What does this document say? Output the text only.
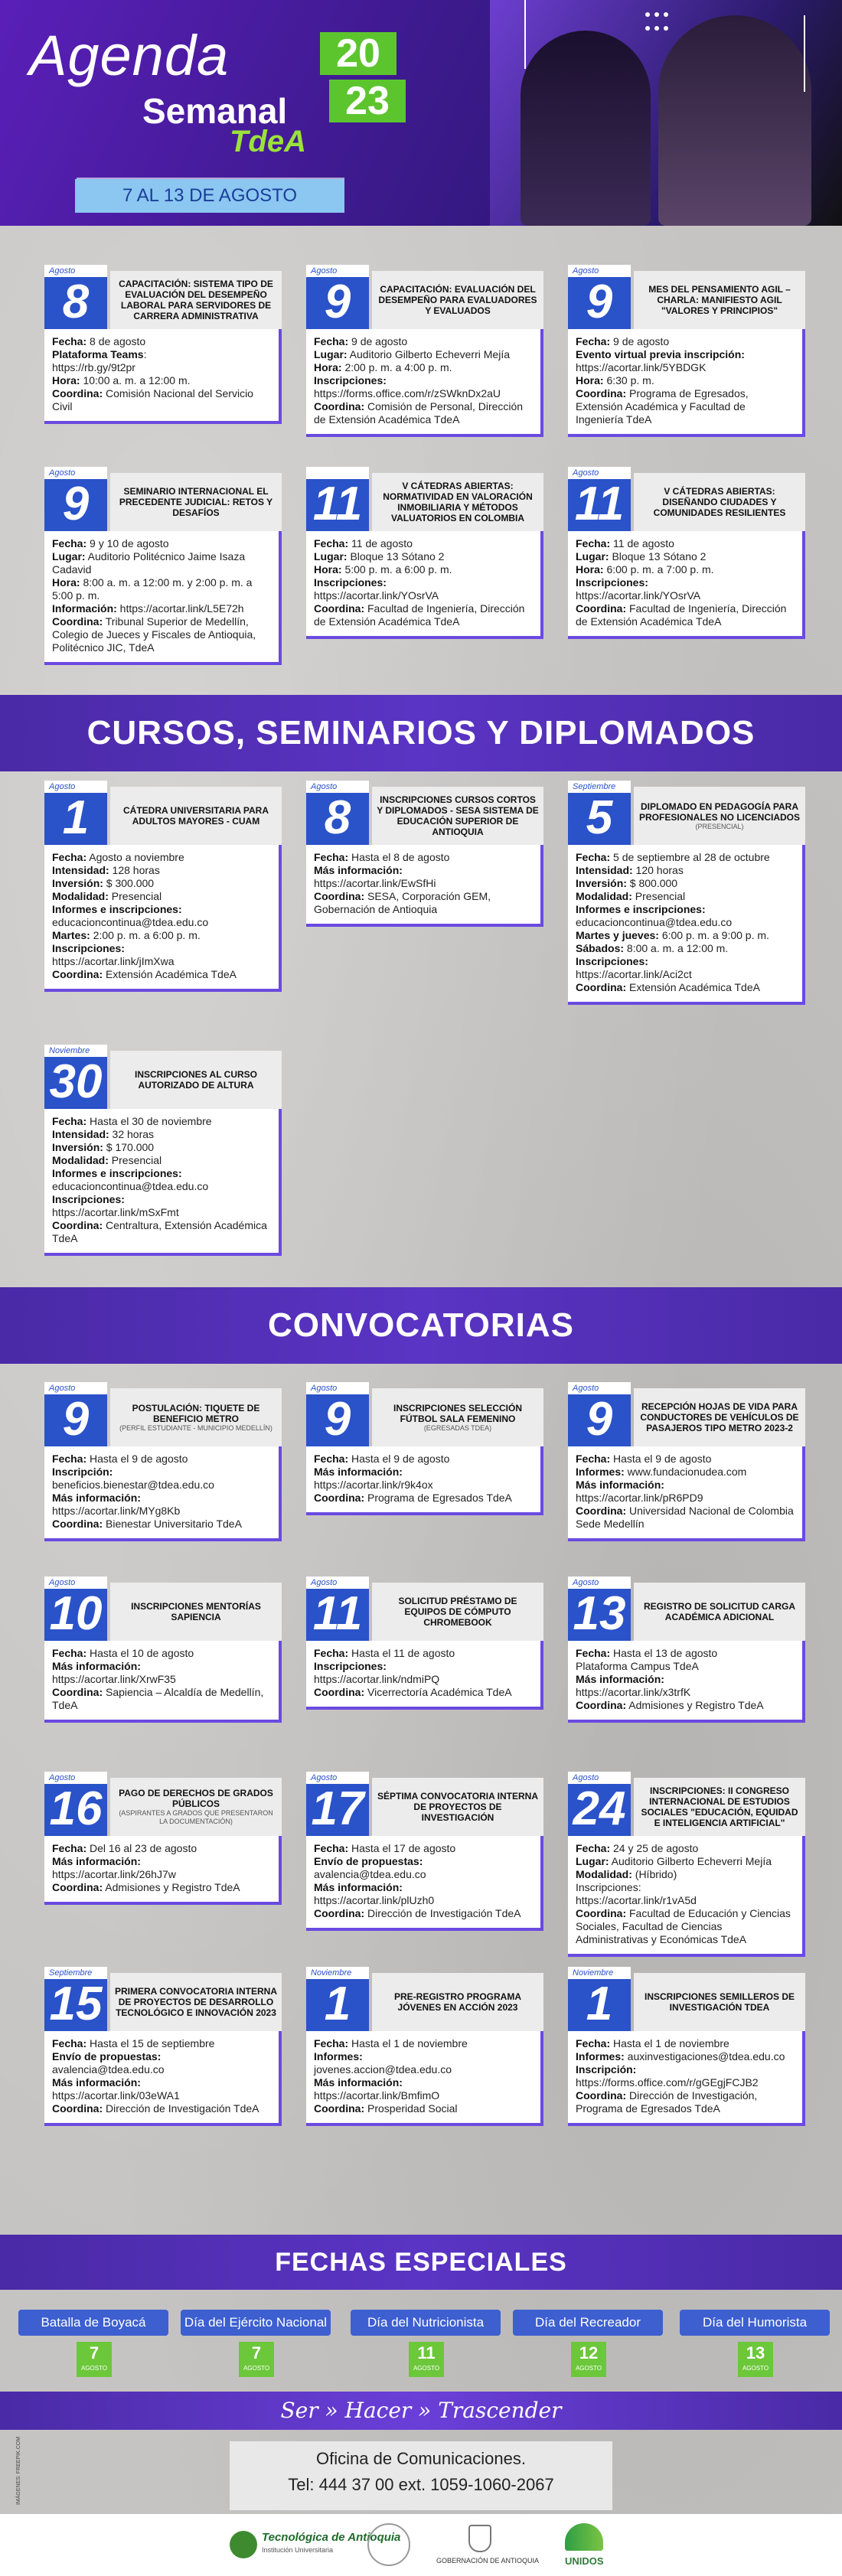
Agenda
Semanal
TdeA
20
23
7 AL 13 DE AGOSTO
Agosto
8	CAPACITACIÓN: SISTEMA TIPO DE EVALUACIÓN DEL DESEMPEÑO LABORAL PARA SERVIDORES DE CARRERA ADMINISTRATIVA
Fecha: 8 de agosto
Plataforma Teams:
https://rb.gy/9t2pr
Hora: 10:00 a. m. a 12:00 m.
Coordina: Comisión Nacional del Servicio Civil
Agosto
9	CAPACITACIÓN: EVALUACIÓN DEL DESEMPEÑO PARA EVALUADORES Y EVALUADOS
Fecha: 9 de agosto
Lugar: Auditorio Gilberto Echeverri Mejía
Hora: 2:00 p. m. a 4:00 p. m.
Inscripciones:
https://forms.office.com/r/zSWknDx2aU
Coordina: Comisión de Personal, Dirección de Extensión Académica TdeA
Agosto
9	MES DEL PENSAMIENTO AGIL – CHARLA: MANIFIESTO AGIL "VALORES Y PRINCIPIOS"
Fecha: 9 de agosto
Evento virtual previa inscripción:
https://acortar.link/5YBDGK
Hora: 6:30 p. m.
Coordina: Programa de Egresados, Extensión Académica y Facultad de Ingeniería TdeA
Agosto
9	SEMINARIO INTERNACIONAL EL PRECEDENTE JUDICIAL: RETOS Y DESAFÍOS
Fecha: 9 y 10 de agosto
Lugar: Auditorio Politécnico Jaime Isaza Cadavid
Hora: 8:00 a. m. a 12:00 m. y 2:00 p. m. a 5:00 p. m.
Información: https://acortar.link/L5E72h
Coordina: Tribunal Superior de Medellín, Colegio de Jueces y Fiscales de Antioquia, Politécnico JIC, TdeA
11	V CÁTEDRAS ABIERTAS: NORMATIVIDAD EN VALORACIÓN INMOBILIARIA Y MÉTODOS VALUATORIOS EN COLOMBIA
Fecha: 11 de agosto
Lugar: Bloque 13 Sótano 2
Hora: 5:00 p. m. a 6:00 p. m.
Inscripciones:
https://acortar.link/YOsrVA
Coordina: Facultad de Ingeniería, Dirección de Extensión Académica TdeA
Agosto
11	V CÁTEDRAS ABIERTAS: DISEÑANDO CIUDADES Y COMUNIDADES RESILIENTES
Fecha: 11 de agosto
Lugar: Bloque 13 Sótano 2
Hora: 6:00 p. m. a 7:00 p. m.
Inscripciones:
https://acortar.link/YOsrVA
Coordina: Facultad de Ingeniería, Dirección de Extensión Académica TdeA
CURSOS, SEMINARIOS Y DIPLOMADOS
Agosto
1	CÁTEDRA UNIVERSITARIA PARA ADULTOS MAYORES - CUAM
Fecha: Agosto a noviembre
Intensidad: 128 horas
Inversión: $ 300.000
Modalidad: Presencial
Informes e inscripciones:
educacioncontinua@tdea.edu.co
Martes: 2:00 p. m. a 6:00 p. m.
Inscripciones:
https://acortar.link/jImXwa
Coordina: Extensión Académica TdeA
Agosto
8	INSCRIPCIONES CURSOS CORTOS Y DIPLOMADOS - SESA SISTEMA DE EDUCACIÓN SUPERIOR DE ANTIOQUIA
Fecha: Hasta el 8 de agosto
Más información:
https://acortar.link/EwSfHi
Coordina: SESA, Corporación GEM, Gobernación de Antioquia
Septiembre
5	DIPLOMADO EN PEDAGOGÍA PARA PROFESIONALES NO LICENCIADOS
(PRESENCIAL)
Fecha: 5 de septiembre al 28 de octubre
Intensidad: 120 horas
Inversión: $ 800.000
Modalidad: Presencial
Informes e inscripciones:
educacioncontinua@tdea.edu.co
Martes y jueves: 6:00 p. m. a 9:00 p. m.
Sábados: 8:00 a. m. a 12:00 m.
Inscripciones:
https://acortar.link/Aci2ct
Coordina: Extensión Académica TdeA
Noviembre
30	INSCRIPCIONES AL CURSO AUTORIZADO DE ALTURA
Fecha: Hasta el 30 de noviembre
Intensidad: 32 horas
Inversión: $ 170.000
Modalidad: Presencial
Informes e inscripciones:
educacioncontinua@tdea.edu.co
Inscripciones:
https://acortar.link/mSxFmt
Coordina: Centraltura, Extensión Académica TdeA
CONVOCATORIAS
Agosto
9	POSTULACIÓN: TIQUETE DE BENEFICIO METRO
(PERFIL ESTUDIANTE - MUNICIPIO MEDELLÍN)
Fecha: Hasta el 9 de agosto
Inscripción:
beneficios.bienestar@tdea.edu.co
Más información:
https://acortar.link/MYg8Kb
Coordina: Bienestar Universitario TdeA
Agosto
9	INSCRIPCIONES SELECCIÓN FÚTBOL SALA FEMENINO
(EGRESADAS TDEA)
Fecha: Hasta el 9 de agosto
Más información:
https://acortar.link/r9k4ox
Coordina: Programa de Egresados TdeA
Agosto
9	RECEPCIÓN HOJAS DE VIDA PARA CONDUCTORES DE VEHÍCULOS DE PASAJEROS TIPO METRO 2023-2
Fecha: Hasta el 9 de agosto
Informes: www.fundacionudea.com
Más información:
https://acortar.link/pR6PD9
Coordina: Universidad Nacional de Colombia Sede Medellín
Agosto
10	INSCRIPCIONES MENTORÍAS SAPIENCIA
Fecha: Hasta el 10 de agosto
Más información:
https://acortar.link/XrwF35
Coordina: Sapiencia – Alcaldía de Medellín, TdeA
Agosto
11	SOLICITUD PRÉSTAMO DE EQUIPOS DE CÓMPUTO CHROMEBOOK
Fecha: Hasta el 11 de agosto
Inscripciones:
https://acortar.link/ndmiPQ
Coordina: Vicerrectoría Académica TdeA
Agosto
13	REGISTRO DE SOLICITUD CARGA ACADÉMICA ADICIONAL
Fecha: Hasta el 13 de agosto
Plataforma Campus TdeA
Más información:
https://acortar.link/x3trfK
Coordina: Admisiones y Registro TdeA
Agosto
16	PAGO DE DERECHOS DE GRADOS PÚBLICOS
(ASPIRANTES A GRADOS QUE PRESENTARON LA DOCUMENTACIÓN)
Fecha: Del 16 al 23 de agosto
Más información:
https://acortar.link/26hJ7w
Coordina: Admisiones y Registro TdeA
Agosto
17	SÉPTIMA CONVOCATORIA INTERNA DE PROYECTOS DE INVESTIGACIÓN
Fecha: Hasta el 17 de agosto
Envío de propuestas:
avalencia@tdea.edu.co
Más información:
https://acortar.link/plUzh0
Coordina: Dirección de Investigación TdeA
Agosto
24	INSCRIPCIONES: II CONGRESO INTERNACIONAL DE ESTUDIOS SOCIALES "EDUCACIÓN, EQUIDAD E INTELIGENCIA ARTIFICIAL"
Fecha: 24 y 25 de agosto
Lugar: Auditorio Gilberto Echeverri Mejía
Modalidad: (Híbrido)
Inscripciones:
https://acortar.link/r1vA5d
Coordina: Facultad de Educación y Ciencias Sociales, Facultad de Ciencias Administrativas y Económicas TdeA
Septiembre
15	PRIMERA CONVOCATORIA INTERNA DE PROYECTOS DE DESARROLLO TECNOLÓGICO E INNOVACIÓN 2023
Fecha: Hasta el 15 de septiembre
Envío de propuestas:
avalencia@tdea.edu.co
Más información:
https://acortar.link/03eWA1
Coordina: Dirección de Investigación TdeA
Noviembre
1	PRE-REGISTRO PROGRAMA JÓVENES EN ACCIÓN 2023
Fecha: Hasta el 1 de noviembre
Informes:
jovenes.accion@tdea.edu.co
Más información:
https://acortar.link/BmfimO
Coordina: Prosperidad Social
Noviembre
1	INSCRIPCIONES SEMILLEROS DE INVESTIGACIÓN TDEA
Fecha: Hasta el 1 de noviembre
Informes: auxinvestigaciones@tdea.edu.co
Inscripción:
https://forms.office.com/r/gGEgjFCJB2
Coordina: Dirección de Investigación, Programa de Egresados TdeA
FECHAS ESPECIALES
Batalla de Boyacá
7
AGOSTO
Día del Ejército Nacional
7
AGOSTO
Día del Nutricionista
11
AGOSTO
Día del Recreador
12
AGOSTO
Día del Humorista
13
AGOSTO
Ser » Hacer » Trascender
Oficina de Comunicaciones.
Tel: 444 37 00 ext. 1059-1060-2067
IMÁGENES: FREEPIK.COM
Tecnológica de Antioquia
Institución Universitaria
GOBERNACIÓN DE ANTIOQUIA	UNIDOS
